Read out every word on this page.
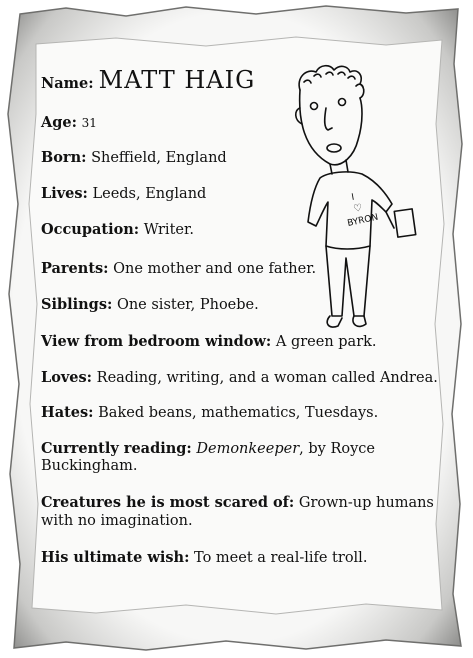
Name: MATT HAIG
Age: 31
Born: Sheffield, England
Lives: Leeds, England
Occupation: Writer.
Parents: One mother and one father.
Siblings: One sister, Phoebe.
View from bedroom window: A green park.
Loves: Reading, writing, and a woman called Andrea.
Hates: Baked beans, mathematics, Tuesdays.
Currently reading: Demonkeeper, by Royce
Buckingham.
Creatures he is most scared of: Grown-up humans
with no imagination.
His ultimate wish: To meet a real-life troll.
I
♡
BYRON
